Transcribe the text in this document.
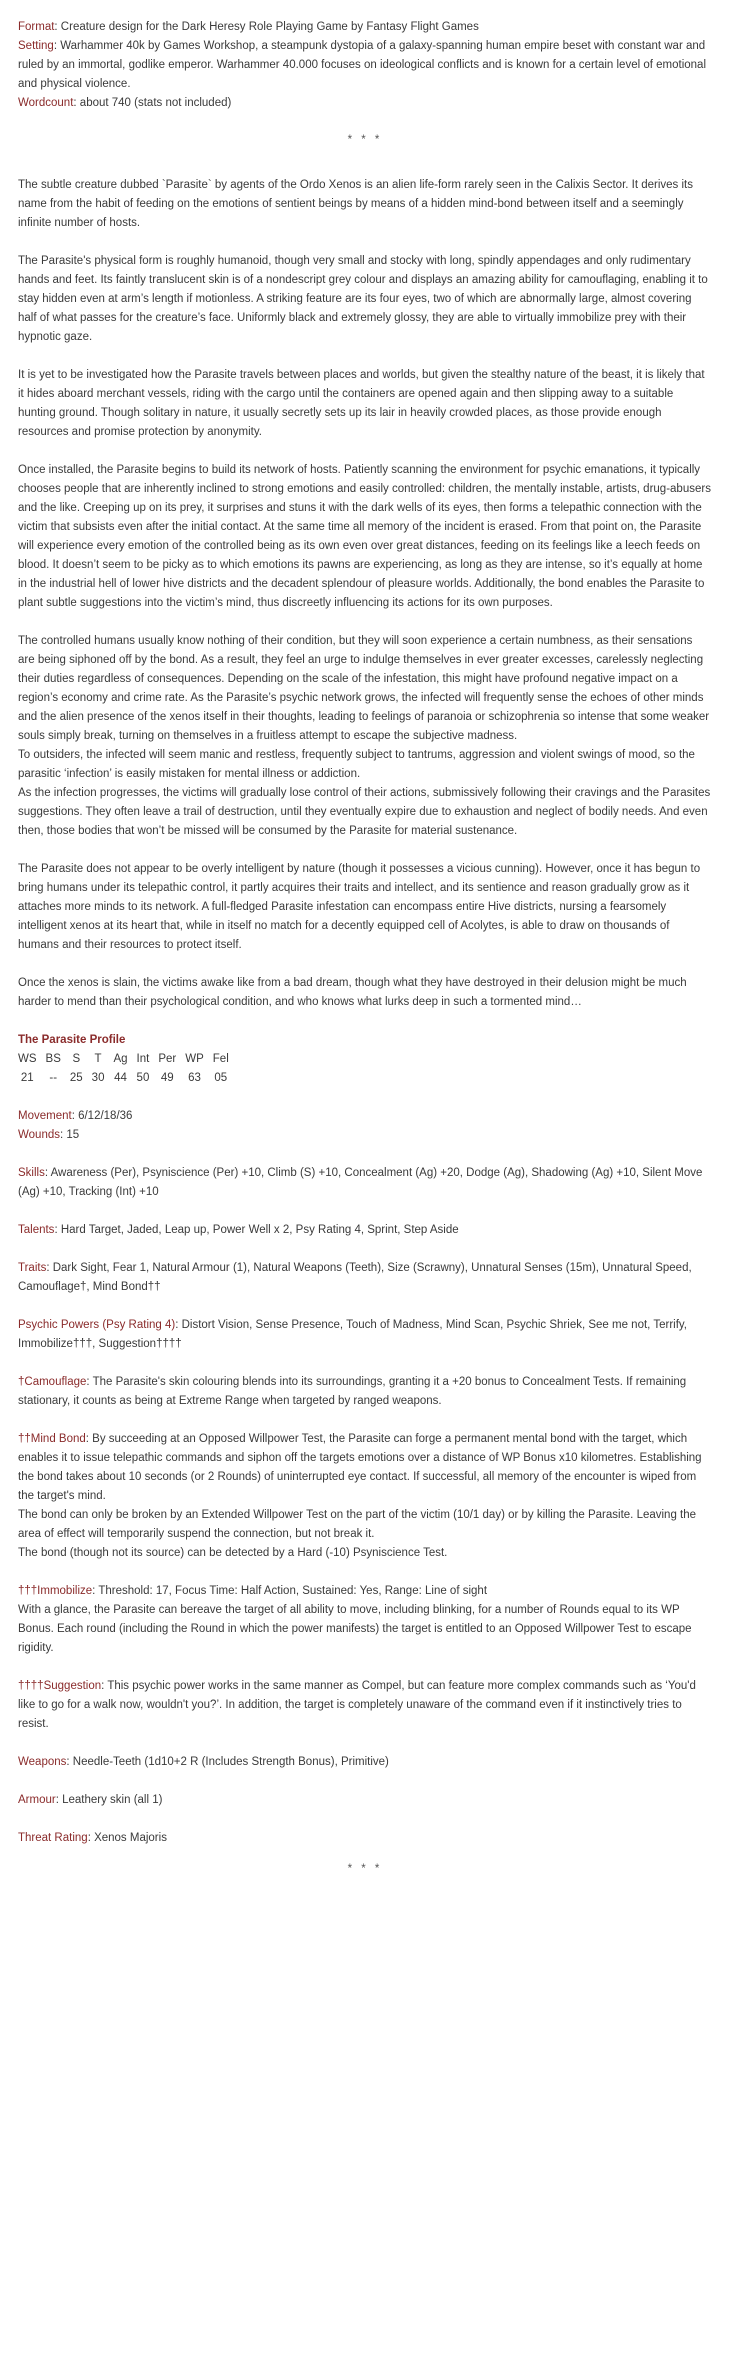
Format: Creature design for the Dark Heresy Role Playing Game by Fantasy Flight Games

Setting: Warhammer 40k by Games Workshop, a steampunk dystopia of a galaxy-spanning human empire beset with constant war and ruled by an immortal, godlike emperor. Warhammer 40.000 focuses on ideological conflicts and is known for a certain level of emotional and physical violence.

Wordcount: about 740 (stats not included)

* * *

The subtle creature dubbed `Parasite` by agents of the Ordo Xenos is an alien life-form rarely seen in the Calixis Sector. It derives its name from the habit of feeding on the emotions of sentient beings by means of a hidden mind-bond between itself and a seemingly infinite number of hosts.

The Parasite's physical form is roughly humanoid, though very small and stocky with long, spindly appendages and only rudimentary hands and feet. Its faintly translucent skin is of a nondescript grey colour and displays an amazing ability for camouflaging, enabling it to stay hidden even at arm’s length if motionless. A striking feature are its four eyes, two of which are abnormally large, almost covering half of what passes for the creature’s face. Uniformly black and extremely glossy, they are able to virtually immobilize prey with their hypnotic gaze.

It is yet to be investigated how the Parasite travels between places and worlds, but given the stealthy nature of the beast, it is likely that it hides aboard merchant vessels, riding with the cargo until the containers are opened again and then slipping away to a suitable hunting ground. Though solitary in nature, it usually secretly sets up its lair in heavily crowded places, as those provide enough resources and promise protection by anonymity.

Once installed, the Parasite begins to build its network of hosts. Patiently scanning the environment for psychic emanations, it typically chooses people that are inherently inclined to strong emotions and easily controlled: children, the mentally instable, artists, drug-abusers and the like. Creeping up on its prey, it surprises and stuns it with the dark wells of its eyes, then forms a telepathic connection with the victim that subsists even after the initial contact. At the same time all memory of the incident is erased. From that point on, the Parasite will experience every emotion of the controlled being as its own even over great distances, feeding on its feelings like a leech feeds on blood. It doesn’t seem to be picky as to which emotions its pawns are experiencing, as long as they are intense, so it’s equally at home in the industrial hell of lower hive districts and the decadent splendour of pleasure worlds. Additionally, the bond enables the Parasite to plant subtle suggestions into the victim’s mind, thus discreetly influencing its actions for its own purposes.

The controlled humans usually know nothing of their condition, but they will soon experience a certain numbness, as their sensations are being siphoned off by the bond. As a result, they feel an urge to indulge themselves in ever greater excesses, carelessly neglecting their duties regardless of consequences. Depending on the scale of the infestation, this might have profound negative impact on a region’s economy and crime rate. As the Parasite’s psychic network grows, the infected will frequently sense the echoes of other minds and the alien presence of the xenos itself in their thoughts, leading to feelings of paranoia or schizophrenia so intense that some weaker souls simply break, turning on themselves in a fruitless attempt to escape the subjective madness.

To outsiders, the infected will seem manic and restless, frequently subject to tantrums, aggression and violent swings of mood, so the parasitic ‘infection’ is easily mistaken for mental illness or addiction.

As the infection progresses, the victims will gradually lose control of their actions, submissively following their cravings and the Parasites suggestions. They often leave a trail of destruction, until they eventually expire due to exhaustion and neglect of bodily needs. And even then, those bodies that won’t be missed will be consumed by the Parasite for material sustenance.

The Parasite does not appear to be overly intelligent by nature (though it possesses a vicious cunning). However, once it has begun to bring humans under its telepathic control, it partly acquires their traits and intellect, and its sentience and reason gradually grow as it attaches more minds to its network. A full-fledged Parasite infestation can encompass entire Hive districts, nursing a fearsomely intelligent xenos at its heart that, while in itself no match for a decently equipped cell of Acolytes, is able to draw on thousands of humans and their resources to protect itself.

Once the xenos is slain, the victims awake like from a bad dream, though what they have destroyed in their delusion might be much harder to mend than their psychological condition, and who knows what lurks deep in such a tormented mind…

The Parasite Profile

WS	BS	S	T	Ag	Int	Per	WP	Fel
21	--	25	30	44	50	49	63	05

Movement: 6/12/18/36

Wounds: 15

Skills: Awareness (Per), Psyniscience (Per) +10, Climb (S) +10, Concealment (Ag) +20, Dodge (Ag), Shadowing (Ag) +10, Silent Move (Ag) +10, Tracking (Int) +10

Talents: Hard Target, Jaded, Leap up, Power Well x 2, Psy Rating 4, Sprint, Step Aside

Traits: Dark Sight, Fear 1, Natural Armour (1), Natural Weapons (Teeth), Size (Scrawny), Unnatural Senses (15m), Unnatural Speed, Camouflage†, Mind Bond††

Psychic Powers (Psy Rating 4): Distort Vision, Sense Presence, Touch of Madness, Mind Scan, Psychic Shriek, See me not, Terrify, Immobilize†††, Suggestion††††

†Camouflage: The Parasite's skin colouring blends into its surroundings, granting it a +20 bonus to Concealment Tests. If remaining stationary, it counts as being at Extreme Range when targeted by ranged weapons.

††Mind Bond: By succeeding at an Opposed Willpower Test, the Parasite can forge a permanent mental bond with the target, which enables it to issue telepathic commands and siphon off the targets emotions over a distance of WP Bonus x10 kilometres. Establishing the bond takes about 10 seconds (or 2 Rounds) of uninterrupted eye contact. If successful, all memory of the encounter is wiped from the target's mind.

The bond can only be broken by an Extended Willpower Test on the part of the victim (10/1 day) or by killing the Parasite. Leaving the area of effect will temporarily suspend the connection, but not break it.

The bond (though not its source) can be detected by a Hard (-10) Psyniscience Test.

†††Immobilize: Threshold: 17, Focus Time: Half Action, Sustained: Yes, Range: Line of sight

With a glance, the Parasite can bereave the target of all ability to move, including blinking, for a number of Rounds equal to its WP Bonus. Each round (including the Round in which the power manifests) the target is entitled to an Opposed Willpower Test to escape rigidity.

††††Suggestion: This psychic power works in the same manner as Compel, but can feature more complex commands such as ‘You'd like to go for a walk now, wouldn't you?’. In addition, the target is completely unaware of the command even if it instinctively tries to resist.

Weapons: Needle-Teeth (1d10+2 R (Includes Strength Bonus), Primitive)

Armour: Leathery skin (all 1)

Threat Rating: Xenos Majoris

* * *
